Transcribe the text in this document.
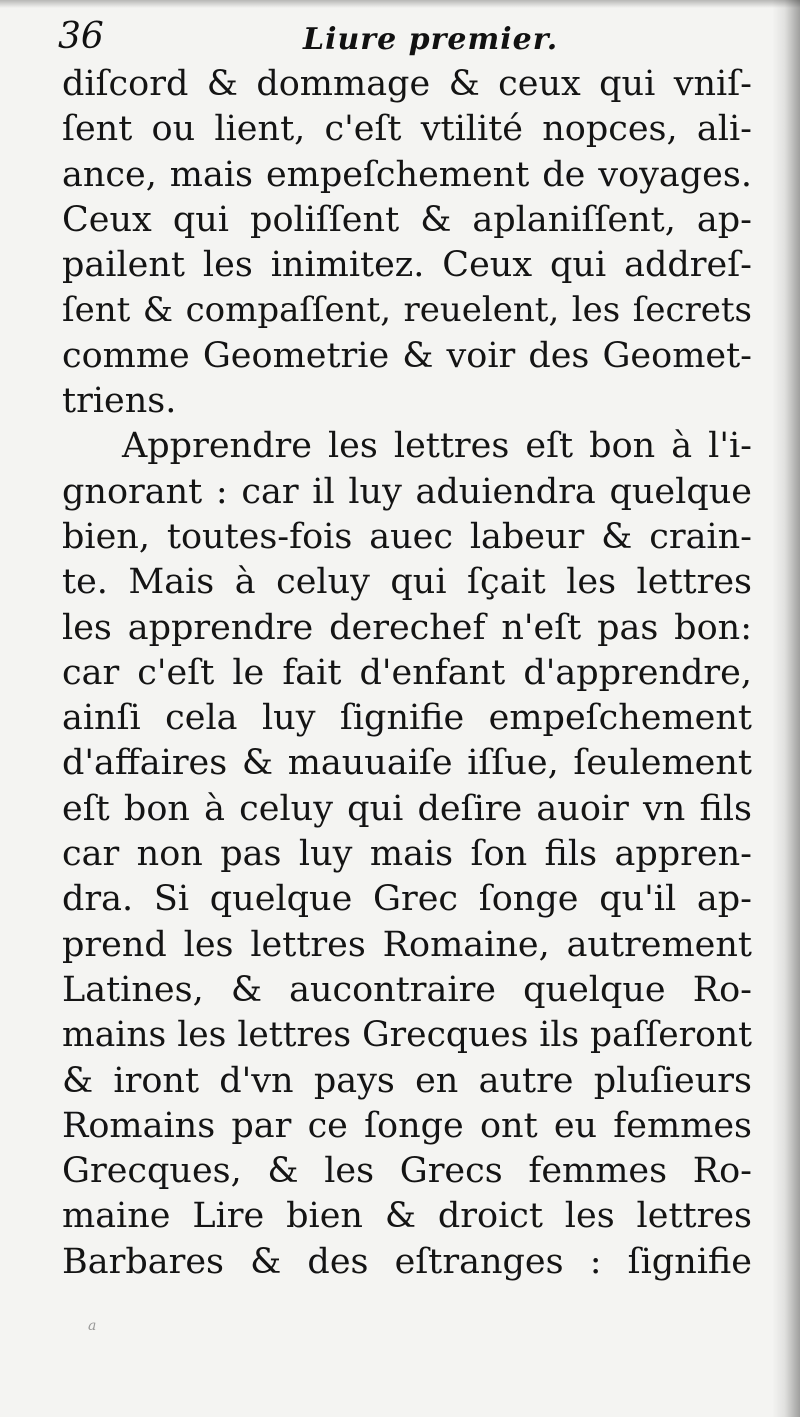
36	Liure premier.
diſcord & dommage & ceux qui vniſ-
ſent ou lient, c'eſt vtilité nopces, ali-
ance, mais empeſchement de voyages.
Ceux qui poliſſent & aplaniſſent, ap-
pailent les inimitez. Ceux qui addreſ-
ſent & compaſſent, reuelent, les ſecrets
comme Geometrie & voir des Geomet-
triens.
Apprendre les lettres eſt bon à l'i-
gnorant : car il luy aduiendra quelque
bien, toutes-fois auec labeur & crain-
te. Mais à celuy qui ſçait les lettres
les apprendre derechef n'eſt pas bon:
car c'eſt le fait d'enfant d'apprendre,
ainſi cela luy ſignifie empeſchement
d'affaires & mauuaiſe iſſue, ſeulement
eſt bon à celuy qui deſire auoir vn fils
car non pas luy mais ſon fils appren-
dra. Si quelque Grec ſonge qu'il ap-
prend les lettres Romaine, autrement
Latines, & aucontraire quelque Ro-
mains les lettres Grecques ils paſſeront
& iront d'vn pays en autre pluſieurs
Romains par ce ſonge ont eu femmes
Grecques, & les Grecs femmes Ro-
maine Lire bien & droict les lettres
Barbares & des eſtranges : ſignifie
a
